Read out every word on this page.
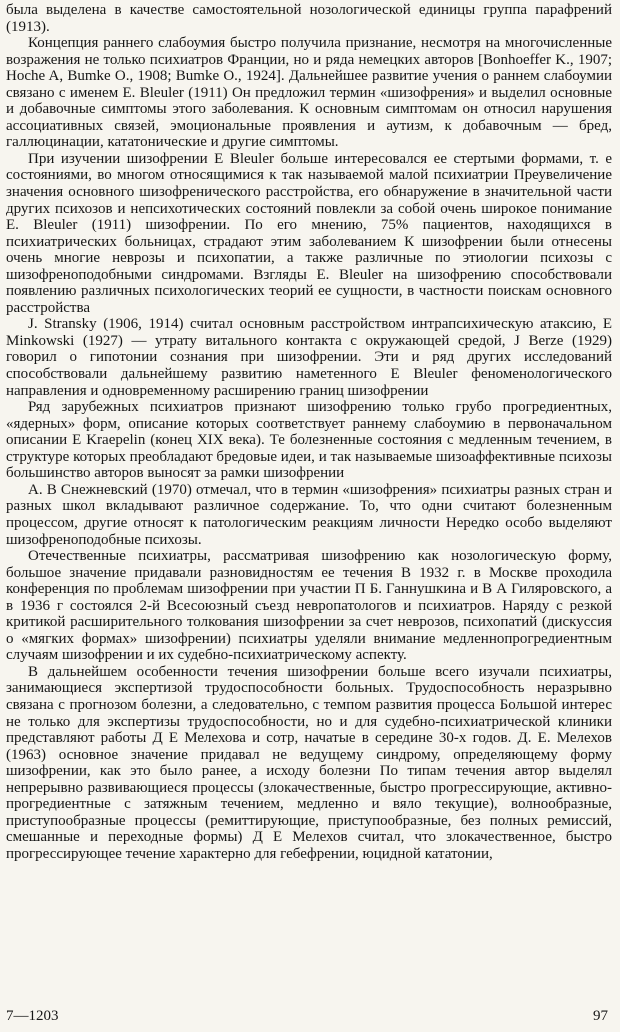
была выделена в качестве самостоятельной нозологической единицы группа парафрений (1913).

Концепция раннего слабоумия быстро получила признание, несмотря на многочисленные возражения не только психиатров Франции, но и ряда немецких авторов [Bonhoeffer K., 1907; Hoche A, Bumke O., 1908; Bumke O., 1924]. Дальнейшее развитие учения о раннем слабоумии связано с именем E. Bleuler (1911) Он предложил термин «шизофрения» и выделил основные и добавочные симптомы этого заболевания. К основным симптомам он относил нарушения ассоциативных связей, эмоциональные проявления и аутизм, к добавочным — бред, галлюцинации, кататонические и другие симптомы.

При изучении шизофрении E Bleuler больше интересовался ее стертыми формами, т. е состояниями, во многом относящимися к так называемой малой психиатрии Преувеличение значения основного шизофренического расстройства, его обнаружение в значительной части других психозов и непсихотических состояний повлекли за собой очень широкое понимание E. Bleuler (1911) шизофрении. По его мнению, 75% пациентов, находящихся в психиатрических больницах, страдают этим заболеванием К шизофрении были отнесены очень многие неврозы и психопатии, а также различные по этиологии психозы с шизофреноподобными синдромами. Взгляды E. Bleuler на шизофрению способствовали появлению различных психологических теорий ее сущности, в частности поискам основного расстройства

J. Stransky (1906, 1914) считал основным расстройством интрапсихическую атаксию, E Minkowski (1927) — утрату витального контакта с окружающей средой, J Berze (1929) говорил о гипотонии сознания при шизофрении. Эти и ряд других исследований способствовали дальнейшему развитию наметенного E Bleuler феноменологического направления и одновременному расширению границ шизофрении

Ряд зарубежных психиатров признают шизофрению только грубо прогредиентных, «ядерных» форм, описание которых соответствует раннему слабоумию в первоначальном описании E Kraepelin (конец XIX века). Те болезненные состояния с медленным течением, в структуре которых преобладают бредовые идеи, и так называемые шизоаффективные психозы большинство авторов выносят за рамки шизофрении

А. В Снежневский (1970) отмечал, что в термин «шизофрения» психиатры разных стран и разных школ вкладывают различное содержание. То, что одни считают болезненным процессом, другие относят к патологическим реакциям личности Нередко особо выделяют шизофреноподобные психозы.

Отечественные психиатры, рассматривая шизофрению как нозологическую форму, большое значение придавали разновидностям ее течения В 1932 г. в Москве проходила конференция по проблемам шизофрении при участии П Б. Ганнушкина и В А Гиляровского, а в 1936 г состоялся 2-й Всесоюзный съезд невропатологов и психиатров. Наряду с резкой критикой расширительного толкования шизофрении за счет неврозов, психопатий (дискуссия о «мягких формах» шизофрении) психиатры уделяли внимание медленнопрогредиентным случаям шизофрении и их судебно-психиатрическому аспекту.

В дальнейшем особенности течения шизофрении больше всего изучали психиатры, занимающиеся экспертизой трудоспособности больных. Трудоспособность неразрывно связана с прогнозом болезни, а следовательно, с темпом развития процесса Большой интерес не только для экспертизы трудоспособности, но и для судебно-психиатрической клиники представляют работы Д Е Мелехова и сотр, начатые в середине 30-х годов. Д. Е. Мелехов (1963) основное значение придавал не ведущему синдрому, определяющему форму шизофрении, как это было ранее, а исходу болезни По типам течения автор выделял непрерывно развивающиеся процессы (злокачественные, быстро прогрессирующие, активно-прогредиентные с затяжным течением, медленно и вяло текущие), волнообразные, приступообразные процессы (ремиттирующие, приступообразные, без полных ремиссий, смешанные и переходные формы) Д Е Мелехов считал, что злокачественное, быстро прогрессирующее течение характерно для гебефрении, юцидной кататонии,

7—1203	97
